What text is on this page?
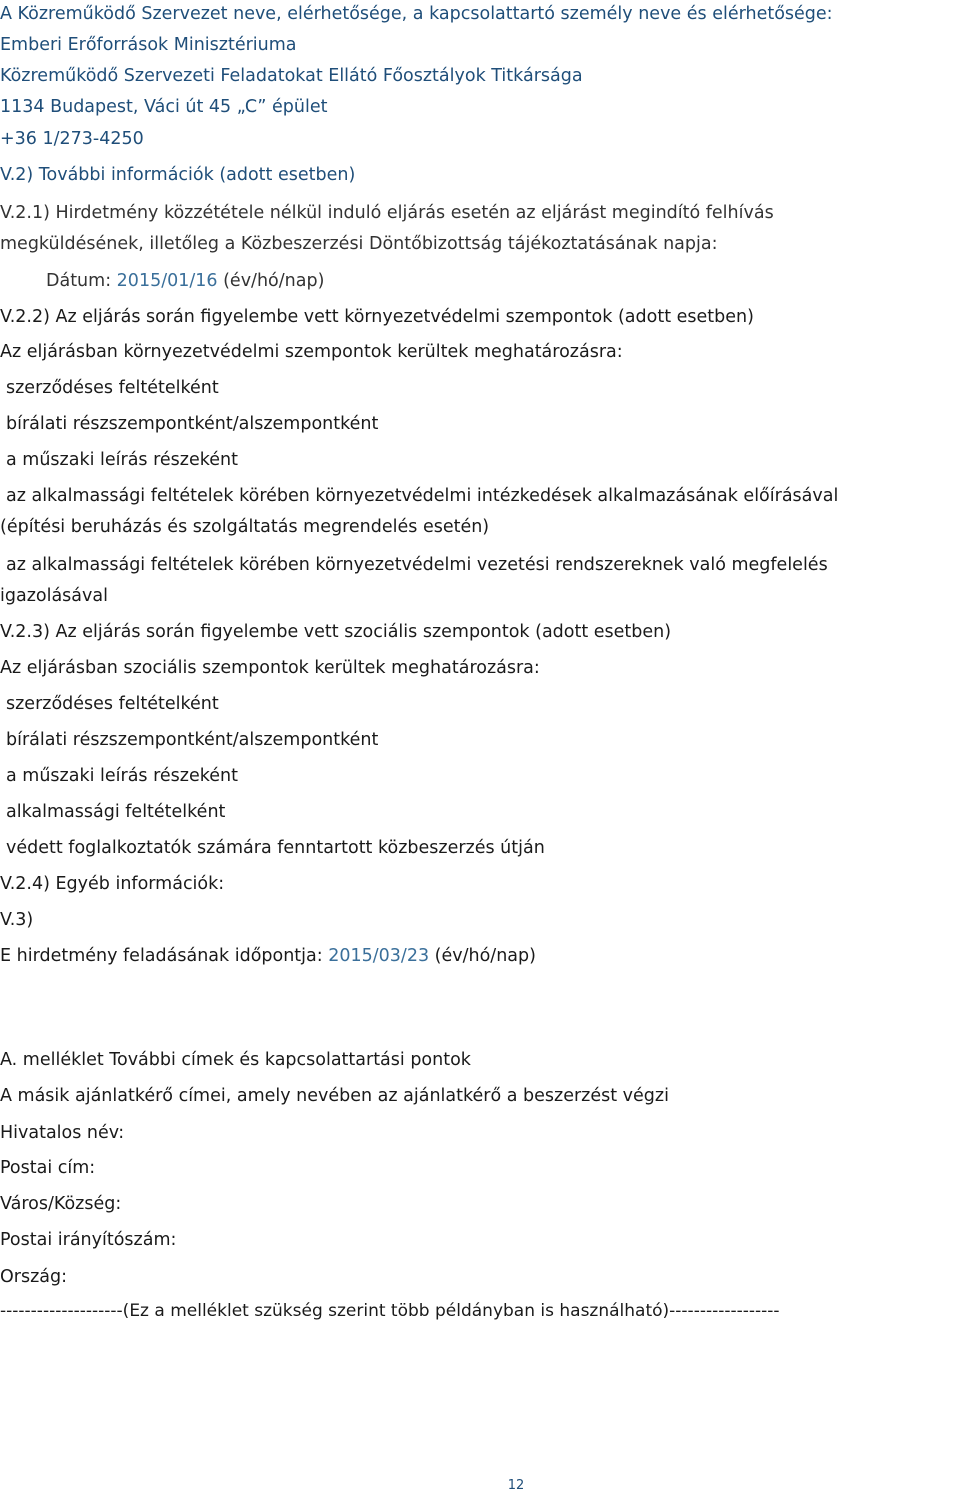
A Közreműködő Szervezet neve, elérhetősége, a kapcsolattartó személy neve és elérhetősége:
Emberi Erőforrások Minisztériuma
Közreműködő Szervezeti Feladatokat Ellátó Főosztályok Titkársága
1134 Budapest, Váci út 45 „C” épület
+36 1/273-4250
V.2) További információk (adott esetben)
V.2.1) Hirdetmény közzététele nélkül induló eljárás esetén az eljárást megindító felhívás
megküldésének, illetőleg a Közbeszerzési Döntőbizottság tájékoztatásának napja:
Dátum: 2015/01/16 (év/hó/nap)
V.2.2) Az eljárás során figyelembe vett környezetvédelmi szempontok (adott esetben)
Az eljárásban környezetvédelmi szempontok kerültek meghatározásra:
szerződéses feltételként
bírálati részszempontként/alszempontként
a műszaki leírás részeként
az alkalmassági feltételek körében környezetvédelmi intézkedések alkalmazásának előírásával
(építési beruházás és szolgáltatás megrendelés esetén)
az alkalmassági feltételek körében környezetvédelmi vezetési rendszereknek való megfelelés
igazolásával
V.2.3) Az eljárás során figyelembe vett szociális szempontok (adott esetben)
Az eljárásban szociális szempontok kerültek meghatározásra:
szerződéses feltételként
bírálati részszempontként/alszempontként
a műszaki leírás részeként
alkalmassági feltételként
védett foglalkoztatók számára fenntartott közbeszerzés útján
V.2.4) Egyéb információk:
V.3)
E hirdetmény feladásának időpontja: 2015/03/23 (év/hó/nap)
A. melléklet További címek és kapcsolattartási pontok
A másik ajánlatkérő címei, amely nevében az ajánlatkérő a beszerzést végzi
Hivatalos név:
Postai cím:
Város/Község:
Postai irányítószám:
Ország:
--------------------(Ez a melléklet szükség szerint több példányban is használható)------------------
12
